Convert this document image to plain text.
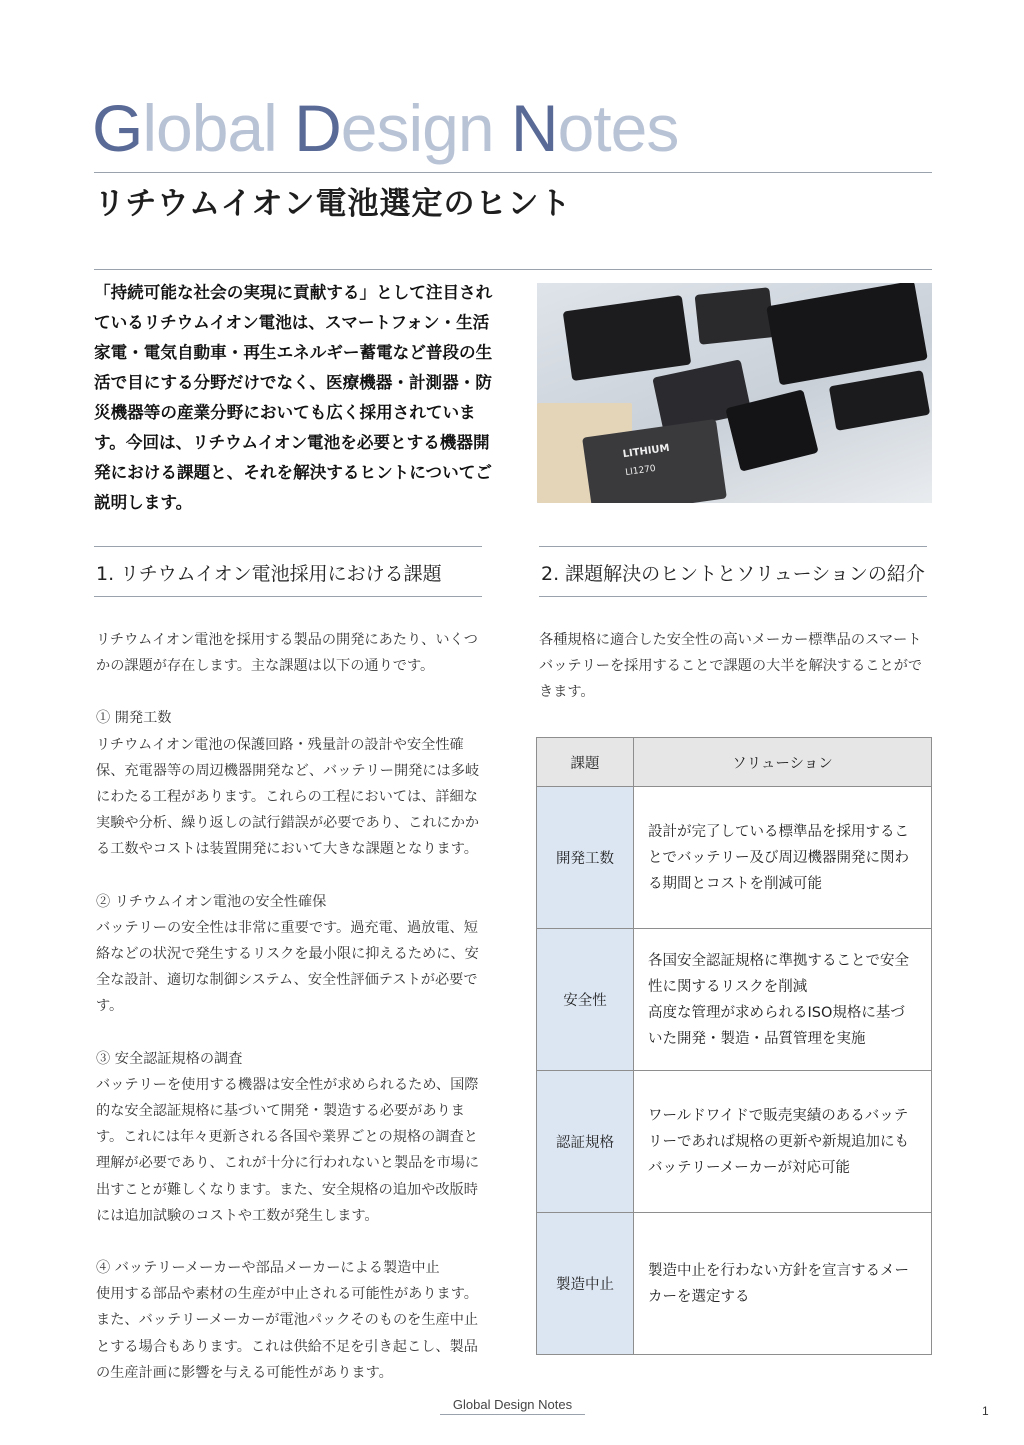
Global Design Notes
リチウムイオン電池選定のヒント
「持続可能な社会の実現に貢献する」として注目されているリチウムイオン電池は、スマートフォン・生活家電・電気自動車・再生エネルギー蓄電など普段の生活で目にする分野だけでなく、医療機器・計測器・防災機器等の産業分野においても広く採用されています。今回は、リチウムイオン電池を必要とする機器開発における課題と、それを解決するヒントについてご説明します。
LITHIUM
LI1270
1. リチウムイオン電池採用における課題

リチウムイオン電池を採用する製品の開発にあたり、いくつかの課題が存在します。主な課題は以下の通りです。

① 開発工数

リチウムイオン電池の保護回路・残量計の設計や安全性確保、充電器等の周辺機器開発など、バッテリー開発には多岐にわたる工程があります。これらの工程においては、詳細な実験や分析、繰り返しの試行錯誤が必要であり、これにかかる工数やコストは装置開発において大きな課題となります。

② リチウムイオン電池の安全性確保

バッテリーの安全性は非常に重要です。過充電、過放電、短絡などの状況で発生するリスクを最小限に抑えるために、安全な設計、適切な制御システム、安全性評価テストが必要です。

③ 安全認証規格の調査

バッテリーを使用する機器は安全性が求められるため、国際的な安全認証規格に基づいて開発・製造する必要があります。これには年々更新される各国や業界ごとの規格の調査と理解が必要であり、これが十分に行われないと製品を市場に出すことが難しくなります。また、安全規格の追加や改版時には追加試験のコストや工数が発生します。

④ バッテリーメーカーや部品メーカーによる製造中止

使用する部品や素材の生産が中止される可能性があります。また、バッテリーメーカーが電池パックそのものを生産中止とする場合もあります。これは供給不足を引き起こし、製品の生産計画に影響を与える可能性があります。

2. 課題解決のヒントとソリューションの紹介
各種規格に適合した安全性の高いメーカー標準品のスマートバッテリーを採用することで課題の大半を解決することができます。
課題	ソリューション
開発工数	設計が完了している標準品を採用することでバッテリー及び周辺機器開発に関わる期間とコストを削減可能
安全性	各国安全認証規格に準拠することで安全性に関するリスクを削減
高度な管理が求められるISO規格に基づいた開発・製造・品質管理を実施
認証規格	ワールドワイドで販売実績のあるバッテリーであれば規格の更新や新規追加にもバッテリーメーカーが対応可能
製造中止	製造中止を行わない方針を宣言するメーカーを選定する
Global Design Notes	1
